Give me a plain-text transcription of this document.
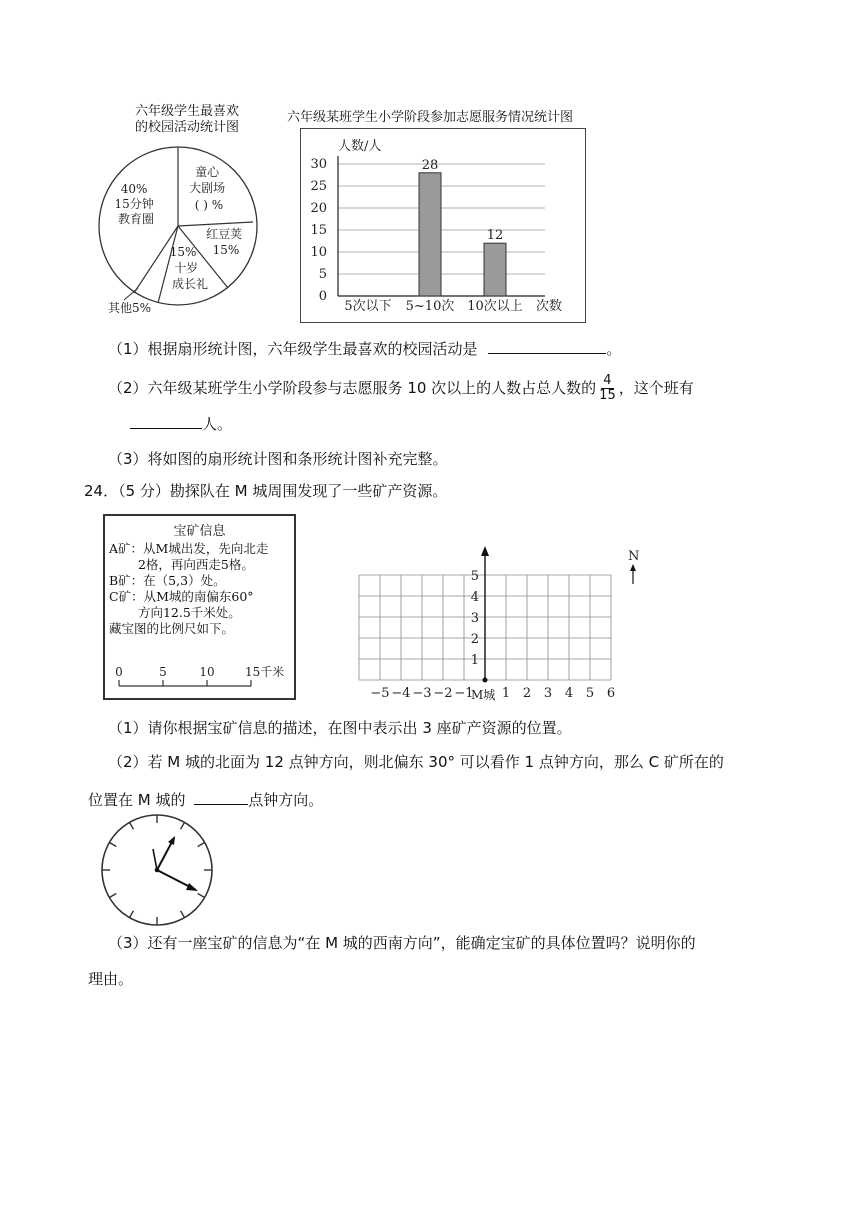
六年级学生最喜欢
的校园活动统计图
40% 15分钟 教育圈
童心 大剧场 ( ) %
红豆荚 15%
15% 十岁 成长礼
其他5%
六年级某班学生小学阶段参加志愿服务情况统计图
0
5
10
15
20
25
30	28
12
5次以下 5~10次 10次以上
人数/人
次数
（1）根据扇形统计图，六年级学生最喜欢的校园活动是	。
（2）六年级某班学生小学阶段参与志愿服务 10 次以上的人数占总人数的 $\frac{4}{15}$ ，这个班有
人。
（3）将如图的扇形统计图和条形统计图补充完整。
24．（5 分）勘探队在 M 城周围发现了一些矿产资源。
宝矿信息
A矿：从M城出发，先向北走
　　 2格，再向西走5格。
B矿：在（5,3）处。
C矿：从M城的南偏东60°
　　 方向12.5千米处。
藏宝图的比例尺如下。
0	5	10	15千米
−5 −4 −3 −2 −1 1 2 3 4 5 6
1
2
3
4
5
M城
N
（1）请你根据宝矿信息的描述，在图中表示出 3 座矿产资源的位置。
（2）若 M 城的北面为 12 点钟方向，则北偏东 30° 可以看作 1 点钟方向，那么 C 矿所在的
位置在 M 城的	点钟方向。
（3）还有一座宝矿的信息为“在 M 城的西南方向”，能确定宝矿的具体位置吗？说明你的
理由。
